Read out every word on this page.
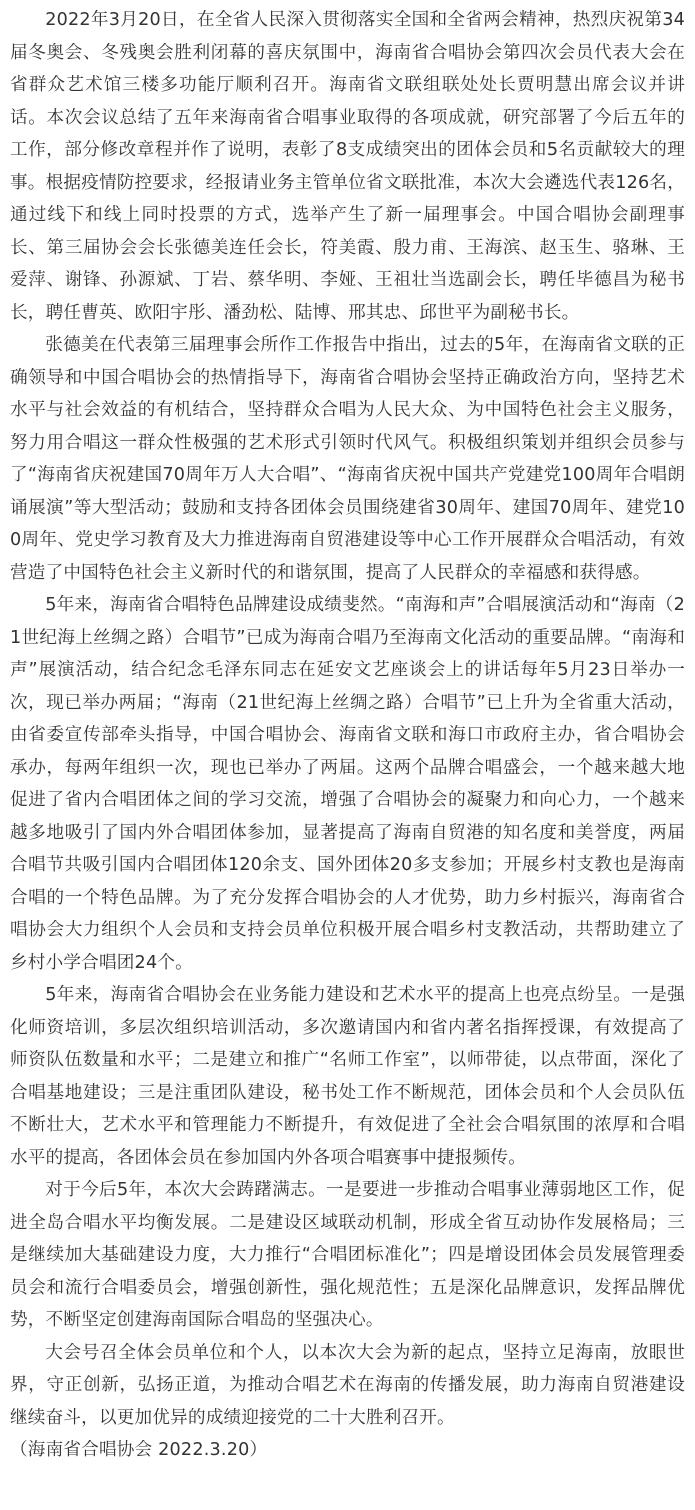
2022年3月20日，在全省人民深入贯彻落实全国和全省两会精神，热烈庆祝第34届冬奥会、冬残奥会胜利闭幕的喜庆氛围中，海南省合唱协会第四次会员代表大会在省群众艺术馆三楼多功能厅顺利召开。海南省文联组联处处长贾明慧出席会议并讲话。本次会议总结了五年来海南省合唱事业取得的各项成就，研究部署了今后五年的工作，部分修改章程并作了说明，表彰了8支成绩突出的团体会员和5名贡献较大的理事。根据疫情防控要求，经报请业务主管单位省文联批准，本次大会遴选代表126名，通过线下和线上同时投票的方式，选举产生了新一届理事会。中国合唱协会副理事长、第三届协会会长张德美连任会长，符美霞、殷力甫、王海滨、赵玉生、骆琳、王爱萍、谢锋、孙源斌、丁岩、蔡华明、李娅、王祖壮当选副会长，聘任毕德昌为秘书长，聘任曹英、欧阳宇彤、潘劲松、陆博、邢其忠、邱世平为副秘书长。

张德美在代表第三届理事会所作工作报告中指出，过去的5年，在海南省文联的正确领导和中国合唱协会的热情指导下，海南省合唱协会坚持正确政治方向，坚持艺术水平与社会效益的有机结合，坚持群众合唱为人民大众、为中国特色社会主义服务，努力用合唱这一群众性极强的艺术形式引领时代风气。积极组织策划并组织会员参与了“海南省庆祝建国70周年万人大合唱”、“海南省庆祝中国共产党建党100周年合唱朗诵展演”等大型活动；鼓励和支持各团体会员围绕建省30周年、建国70周年、建党100周年、党史学习教育及大力推进海南自贸港建设等中心工作开展群众合唱活动，有效营造了中国特色社会主义新时代的和谐氛围，提高了人民群众的幸福感和获得感。

5年来，海南省合唱特色品牌建设成绩斐然。“南海和声”合唱展演活动和“海南（21世纪海上丝绸之路）合唱节”已成为海南合唱乃至海南文化活动的重要品牌。“南海和声”展演活动，结合纪念毛泽东同志在延安文艺座谈会上的讲话每年5月23日举办一次，现已举办两届；“海南（21世纪海上丝绸之路）合唱节”已上升为全省重大活动，由省委宣传部牵头指导，中国合唱协会、海南省文联和海口市政府主办，省合唱协会承办，每两年组织一次，现也已举办了两届。这两个品牌合唱盛会，一个越来越大地促进了省内合唱团体之间的学习交流，增强了合唱协会的凝聚力和向心力，一个越来越多地吸引了国内外合唱团体参加，显著提高了海南自贸港的知名度和美誉度，两届合唱节共吸引国内合唱团体120余支、国外团体20多支参加；开展乡村支教也是海南合唱的一个特色品牌。为了充分发挥合唱协会的人才优势，助力乡村振兴，海南省合唱协会大力组织个人会员和支持会员单位积极开展合唱乡村支教活动，共帮助建立了乡村小学合唱团24个。

5年来，海南省合唱协会在业务能力建设和艺术水平的提高上也亮点纷呈。一是强化师资培训，多层次组织培训活动，多次邀请国内和省内著名指挥授课，有效提高了师资队伍数量和水平；二是建立和推广“名师工作室”，以师带徒，以点带面，深化了合唱基地建设；三是注重团队建设，秘书处工作不断规范，团体会员和个人会员队伍不断壮大，艺术水平和管理能力不断提升，有效促进了全社会合唱氛围的浓厚和合唱水平的提高，各团体会员在参加国内外各项合唱赛事中捷报频传。

对于今后5年，本次大会踌躇满志。一是要进一步推动合唱事业薄弱地区工作，促进全岛合唱水平均衡发展。二是建设区域联动机制，形成全省互动协作发展格局；三是继续加大基础建设力度，大力推行“合唱团标准化”；四是增设团体会员发展管理委员会和流行合唱委员会，增强创新性，强化规范性；五是深化品牌意识，发挥品牌优势，不断坚定创建海南国际合唱岛的坚强决心。

大会号召全体会员单位和个人，以本次大会为新的起点，坚持立足海南，放眼世界，守正创新，弘扬正道，为推动合唱艺术在海南的传播发展，助力海南自贸港建设继续奋斗，以更加优异的成绩迎接党的二十大胜利召开。

（海南省合唱协会 2022.3.20）
